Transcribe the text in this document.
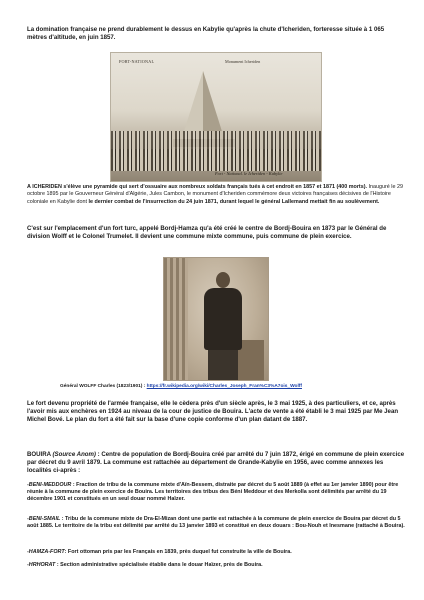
La domination française ne prend durablement le dessus en Kabylie qu'après la chute d'Icheriden, forteresse située à 1 065 mètres d'altitude, en juin 1857.

FORT-NATIONAL	Monument Icheriden
Fort - National. le Icheriden - Kabylie

A ICHERIDEN s'élève une pyramide qui sert d'ossuaire aux nombreux soldats français tués à cet endroit en 1857 et 1871 (400 morts). Inauguré le 29 octobre 1895 par le Gouverneur Général d'Algérie, Jules Cambon, le monument d'Icheriden commémore deux victoires françaises décisives de l'Histoire coloniale en Kabylie dont le dernier combat de l'insurrection du 24 juin 1871, durant lequel le général Lallemand mettait fin au soulèvement.

C'est sur l'emplacement d'un fort turc, appelé Bordj-Hamza qu'a été créé le centre de Bordj-Bouira en 1873 par le Général de division Wolff et le Colonel Trumelet. Il devient une commune mixte commune, puis commune de plein exercice.

Général WOLFF Charles (1823/1901) : https://fr.wikipedia.org/wiki/Charles_Joseph_Fran%C3%A7ois_Wolff

Le fort devenu propriété de l'armée française, elle le cèdera près d'un siècle après, le 3 mai 1925, à des particuliers, et ce, après l'avoir mis aux enchères en 1924 au niveau de la cour de justice de Bouira. L'acte de vente a été établi le 3 mai 1925 par Me Jean Michel Bové. Le plan du fort a été fait sur la base d'une copie conforme d'un plan datant de 1887.

BOUIRA (Source Anom) : Centre de population de Bordj-Bouira créé par arrêté du 7 juin 1872, érigé en commune de plein exercice par décret du 9 avril 1879. La commune est rattachée au département de Grande-Kabylie en 1956, avec comme annexes les localités ci-après :

-BENI-MEDDOUR : Fraction de tribu de la commune mixte d'Aïn-Bessem, distraite par décret du 5 août 1889 (à effet au 1er janvier 1890) pour être réunie à la commune de plein exercice de Bouira. Les territoires des tribus des Béni Meddour et des Merkolla sont délimités par arrêté du 19 décembre 1901 et constitués en un seul douar nommé Haïzer.

-BENI-SMAIL : Tribu de la commune mixte de Dra-El-Mizan dont une partie est rattachée à la commune de plein exercice de Bouira par décret du 5 août 1885. Le territoire de la tribu est délimité par arrêté du 13 janvier 1893 et constitué en deux douars : Bou-Nouh et Inesmane (rattaché à Bouira).

-HAMZA-FORT: Fort ottoman pris par les Français en 1839, près duquel fut construite la ville de Bouira.

-HRHORAT : Section administrative spécialisée établie dans le douar Haïzer, près de Bouira.
